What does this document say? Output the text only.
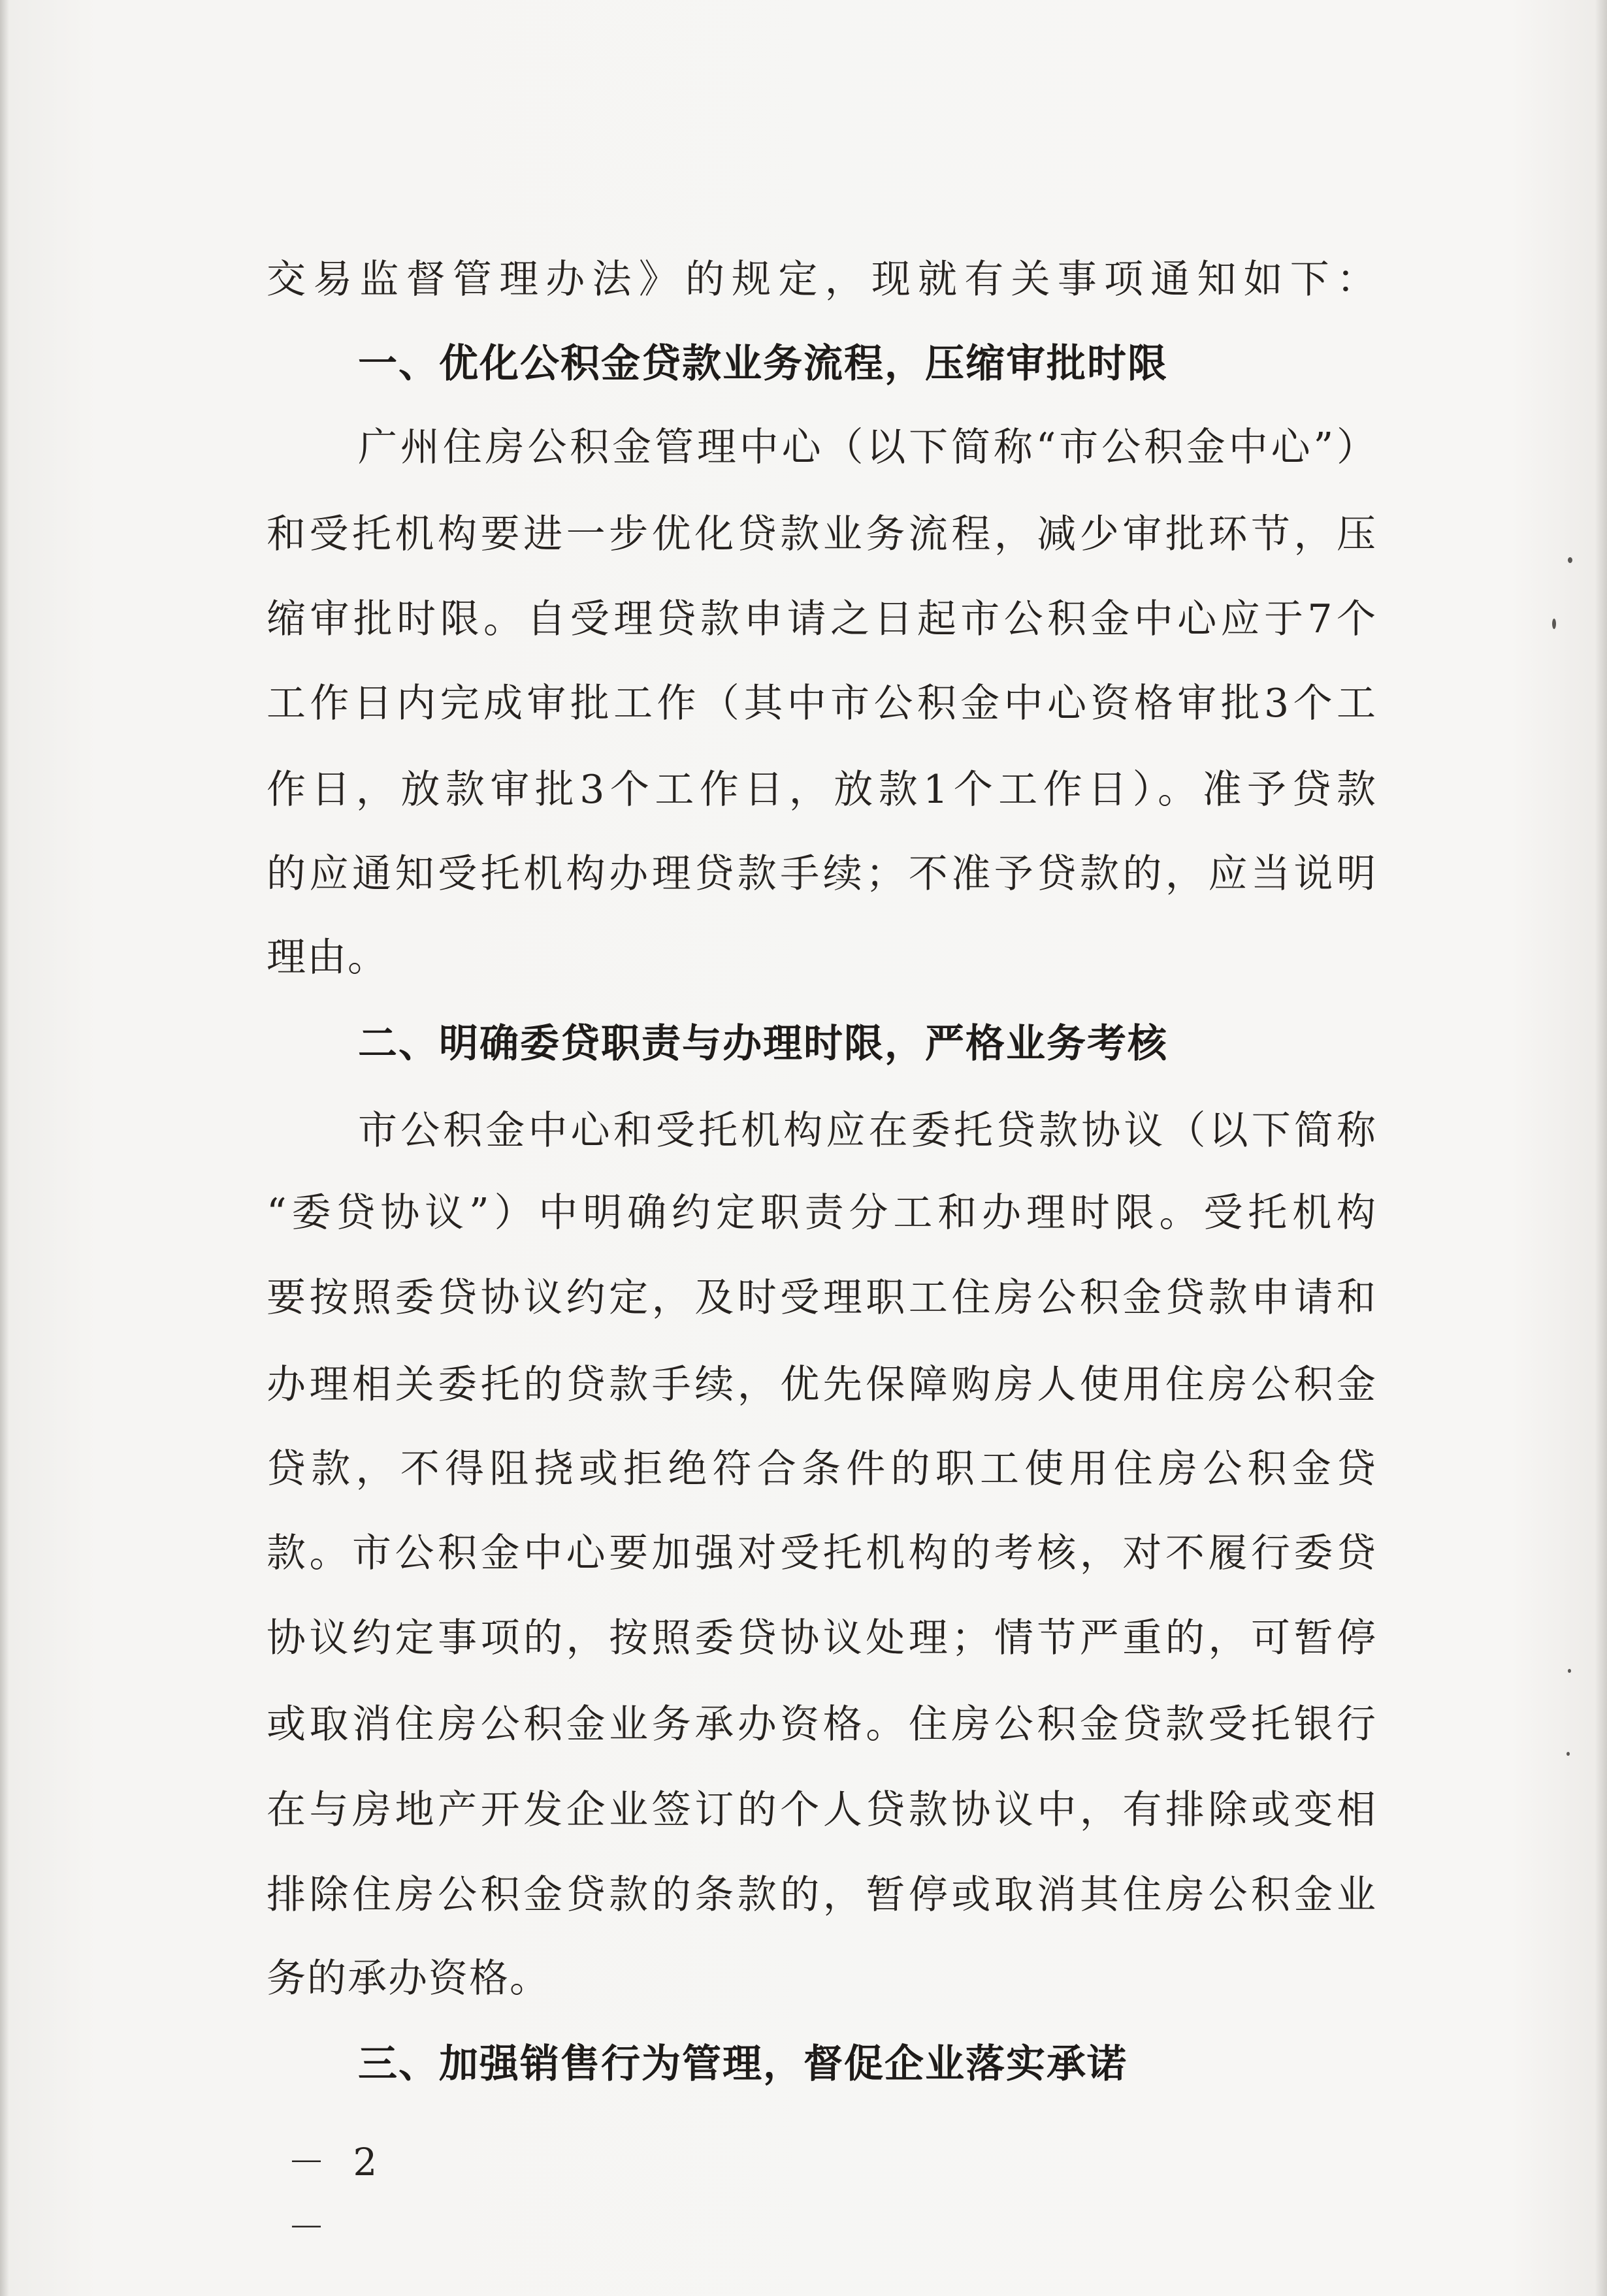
交易监督管理办法》的规定，现就有关事项通知如下：
一、优化公积金贷款业务流程，压缩审批时限
广州住房公积金管理中心（以下简称“市公积金中心”）
和受托机构要进一步优化贷款业务流程，减少审批环节，压
缩审批时限。自受理贷款申请之日起市公积金中心应于7个
工作日内完成审批工作（其中市公积金中心资格审批3个工
作日，放款审批3个工作日，放款1个工作日）。准予贷款
的应通知受托机构办理贷款手续；不准予贷款的，应当说明
理由。
二、明确委贷职责与办理时限，严格业务考核
市公积金中心和受托机构应在委托贷款协议（以下简称
“委贷协议”）中明确约定职责分工和办理时限。受托机构
要按照委贷协议约定，及时受理职工住房公积金贷款申请和
办理相关委托的贷款手续，优先保障购房人使用住房公积金
贷款，不得阻挠或拒绝符合条件的职工使用住房公积金贷
款。市公积金中心要加强对受托机构的考核，对不履行委贷
协议约定事项的，按照委贷协议处理；情节严重的，可暂停
或取消住房公积金业务承办资格。住房公积金贷款受托银行
在与房地产开发企业签订的个人贷款协议中，有排除或变相
排除住房公积金贷款的条款的，暂停或取消其住房公积金业
务的承办资格。
三、加强销售行为管理，督促企业落实承诺
－ 2 －
